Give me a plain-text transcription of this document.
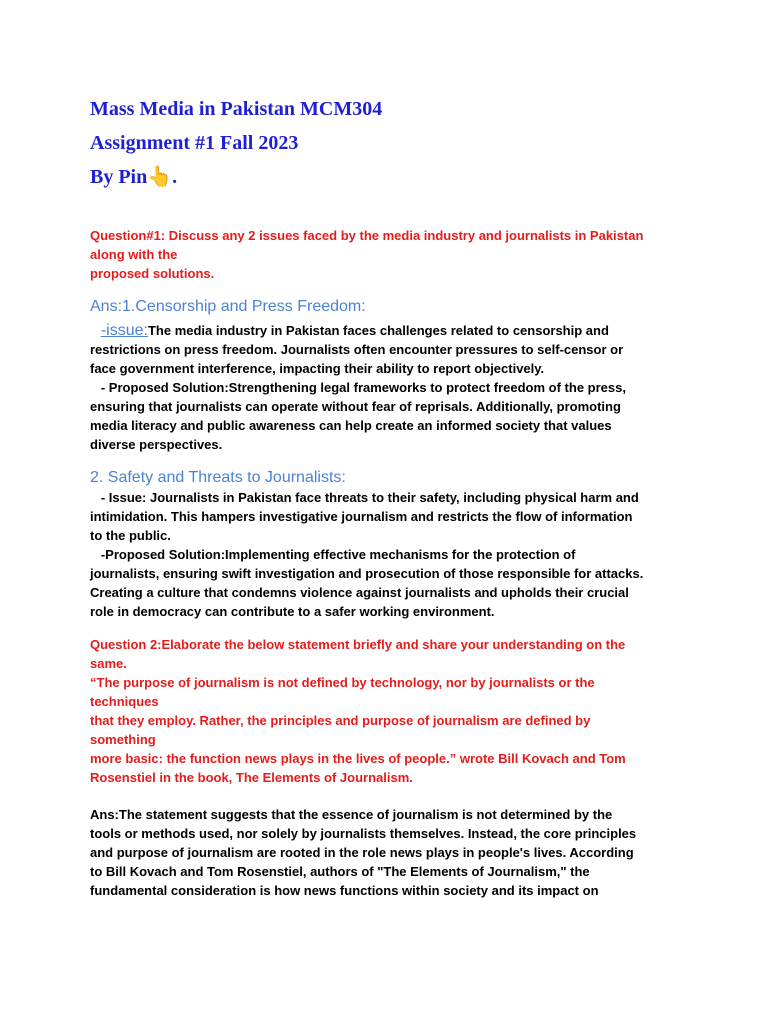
Mass Media in Pakistan MCM304
Assignment #1 Fall 2023
By Pin👆.

Question#1: Discuss any 2 issues faced by the media industry and journalists in Pakistan

along with the

proposed solutions.

Ans:1.Censorship and Press Freedom:

-issue:The media industry in Pakistan faces challenges related to censorship and

restrictions on press freedom. Journalists often encounter pressures to self-censor or

face government interference, impacting their ability to report objectively.

- Proposed Solution:Strengthening legal frameworks to protect freedom of the press,

ensuring that journalists can operate without fear of reprisals. Additionally, promoting

media literacy and public awareness can help create an informed society that values

diverse perspectives.

2. Safety and Threats to Journalists:

- Issue: Journalists in Pakistan face threats to their safety, including physical harm and

intimidation. This hampers investigative journalism and restricts the flow of information

to the public.

-Proposed Solution:Implementing effective mechanisms for the protection of

journalists, ensuring swift investigation and prosecution of those responsible for attacks.

Creating a culture that condemns violence against journalists and upholds their crucial

role in democracy can contribute to a safer working environment.

Question 2:Elaborate the below statement briefly and share your understanding on the

same.

“The purpose of journalism is not defined by technology, nor by journalists or the

techniques

that they employ. Rather, the principles and purpose of journalism are defined by

something

more basic: the function news plays in the lives of people.” wrote Bill Kovach and Tom

Rosenstiel in the book, The Elements of Journalism.

Ans:The statement suggests that the essence of journalism is not determined by the

tools or methods used, nor solely by journalists themselves. Instead, the core principles

and purpose of journalism are rooted in the role news plays in people's lives. According

to Bill Kovach and Tom Rosenstiel, authors of "The Elements of Journalism," the

fundamental consideration is how news functions within society and its impact on
